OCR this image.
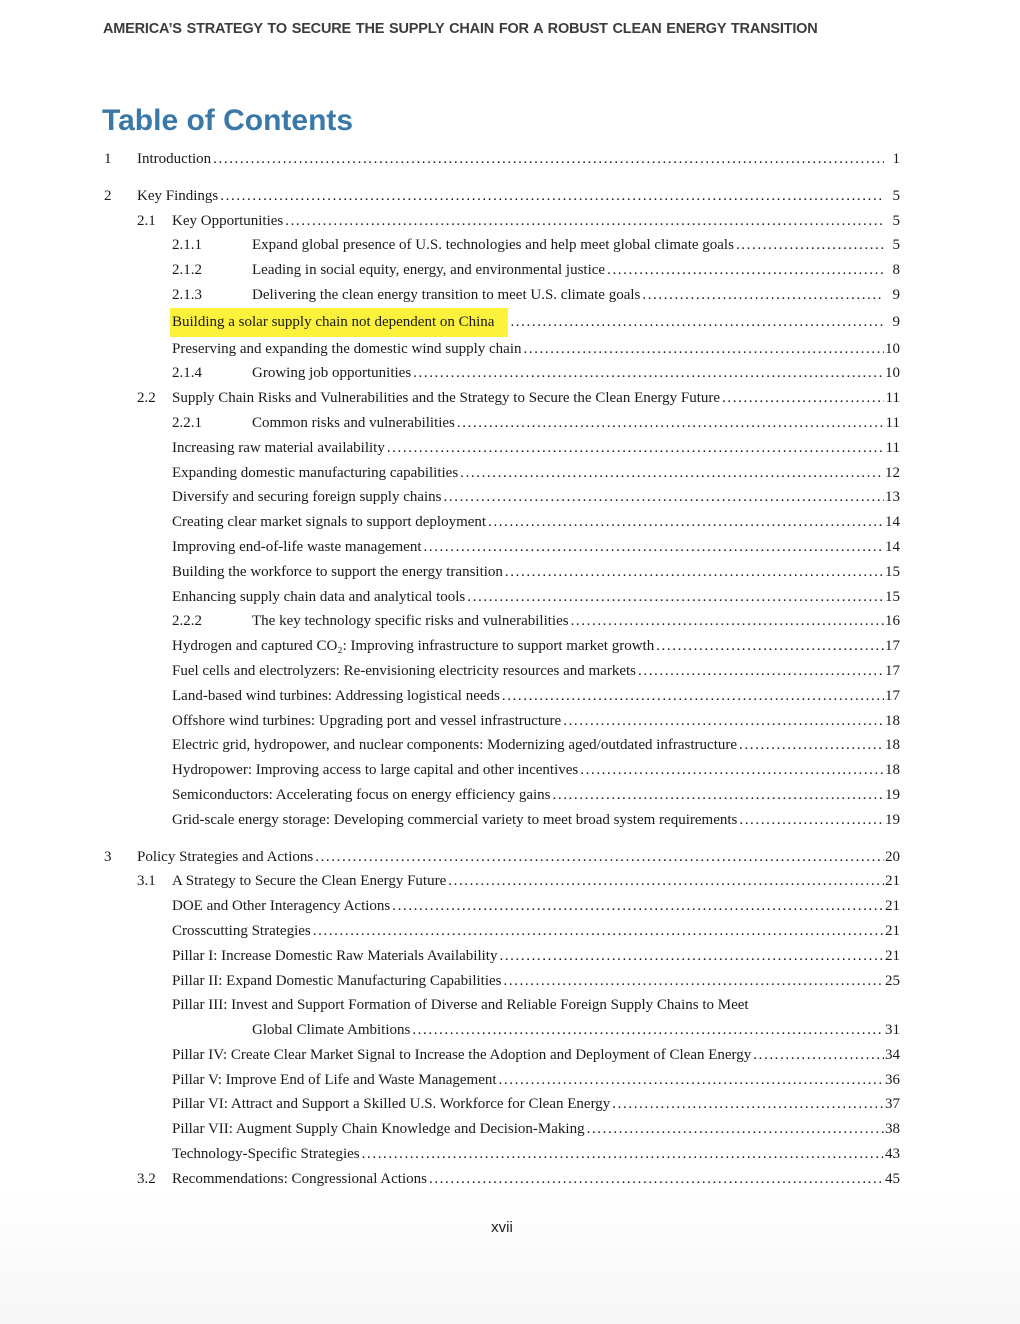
AMERICA’S STRATEGY TO SECURE THE SUPPLY CHAIN FOR A ROBUST CLEAN ENERGY TRANSITION
Table of Contents
1	Introduction .....	1
2	Key Findings .....	5
2.1	Key Opportunities .....	5
2.1.1	Expand global presence of U.S. technologies and help meet global climate goals .....	5
2.1.2	Leading in social equity, energy, and environmental justice .....	8
2.1.3	Delivering the clean energy transition to meet U.S. climate goals .....	9
Building a solar supply chain not dependent on China .....	9
Preserving and expanding the domestic wind supply chain .....	10
2.1.4	Growing job opportunities .....	10
2.2	Supply Chain Risks and Vulnerabilities and the Strategy to Secure the Clean Energy Future .....	11
2.2.1	Common risks and vulnerabilities .....	11
Increasing raw material availability .....	11
Expanding domestic manufacturing capabilities .....	12
Diversify and securing foreign supply chains .....	13
Creating clear market signals to support deployment .....	14
Improving end-of-life waste management .....	14
Building the workforce to support the energy transition .....	15
Enhancing supply chain data and analytical tools .....	15
2.2.2	The key technology specific risks and vulnerabilities .....	16
Hydrogen and captured CO₂: Improving infrastructure to support market growth .....	17
Fuel cells and electrolyzers: Re-envisioning electricity resources and markets .....	17
Land-based wind turbines: Addressing logistical needs .....	17
Offshore wind turbines: Upgrading port and vessel infrastructure .....	18
Electric grid, hydropower, and nuclear components: Modernizing aged/outdated infrastructure .....	18
Hydropower: Improving access to large capital and other incentives .....	18
Semiconductors: Accelerating focus on energy efficiency gains .....	19
Grid-scale energy storage: Developing commercial variety to meet broad system requirements .....	19
3	Policy Strategies and Actions .....	20
3.1	A Strategy to Secure the Clean Energy Future .....	21
DOE and Other Interagency Actions .....	21
Crosscutting Strategies .....	21
Pillar I: Increase Domestic Raw Materials Availability .....	21
Pillar II: Expand Domestic Manufacturing Capabilities .....	25
Pillar III: Invest and Support Formation of Diverse and Reliable Foreign Supply Chains to Meet
Global Climate Ambitions .....	31
Pillar IV: Create Clear Market Signal to Increase the Adoption and Deployment of Clean Energy .....	34
Pillar V: Improve End of Life and Waste Management .....	36
Pillar VI: Attract and Support a Skilled U.S. Workforce for Clean Energy .....	37
Pillar VII: Augment Supply Chain Knowledge and Decision-Making .....	38
Technology-Specific Strategies .....	43
3.2	Recommendations: Congressional Actions .....	45
xvii
